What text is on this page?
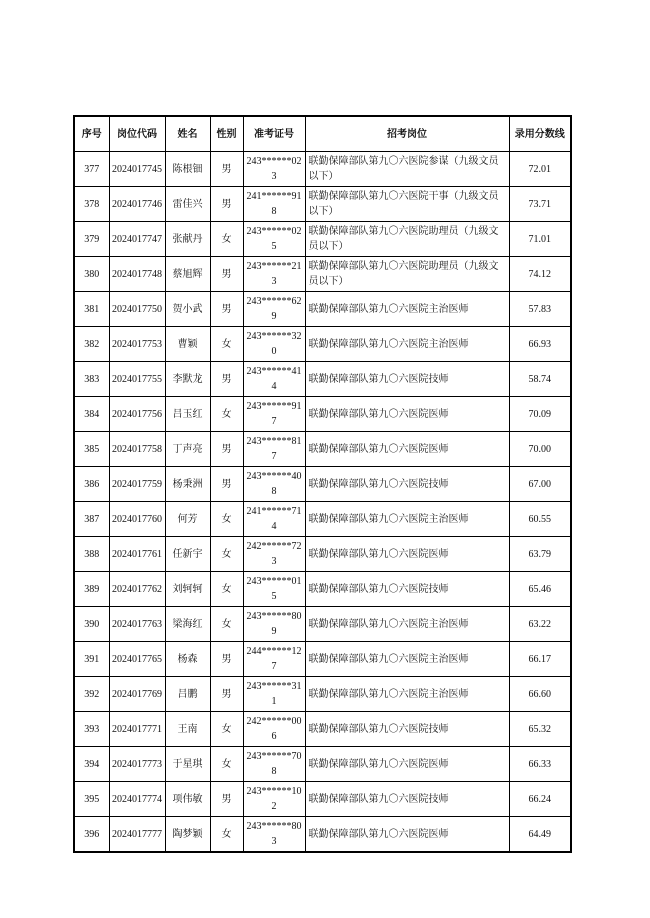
序号	岗位代码	姓名	性别	准考证号	招考岗位	录用分数线
377	2024017745	陈根钿	男	243******023	联勤保障部队第九〇六医院参谋（九级文员以下）	72.01
378	2024017746	雷佳兴	男	241******918	联勤保障部队第九〇六医院干事（九级文员以下）	73.71
379	2024017747	张献丹	女	243******025	联勤保障部队第九〇六医院助理员（九级文员以下）	71.01
380	2024017748	蔡旭辉	男	243******213	联勤保障部队第九〇六医院助理员（九级文员以下）	74.12
381	2024017750	贺小武	男	243******629	联勤保障部队第九〇六医院主治医师	57.83
382	2024017753	曹颖	女	243******320	联勤保障部队第九〇六医院主治医师	66.93
383	2024017755	李默龙	男	243******414	联勤保障部队第九〇六医院技师	58.74
384	2024017756	吕玉红	女	243******917	联勤保障部队第九〇六医院医师	70.09
385	2024017758	丁声亮	男	243******817	联勤保障部队第九〇六医院医师	70.00
386	2024017759	杨秉洲	男	243******408	联勤保障部队第九〇六医院技师	67.00
387	2024017760	何芳	女	241******714	联勤保障部队第九〇六医院主治医师	60.55
388	2024017761	任新宇	女	242******723	联勤保障部队第九〇六医院医师	63.79
389	2024017762	刘轲轲	女	243******015	联勤保障部队第九〇六医院技师	65.46
390	2024017763	梁海红	女	243******809	联勤保障部队第九〇六医院主治医师	63.22
391	2024017765	杨森	男	244******127	联勤保障部队第九〇六医院主治医师	66.17
392	2024017769	吕鹏	男	243******311	联勤保障部队第九〇六医院主治医师	66.60
393	2024017771	王南	女	242******006	联勤保障部队第九〇六医院技师	65.32
394	2024017773	于星琪	女	243******708	联勤保障部队第九〇六医院医师	66.33
395	2024017774	项伟敏	男	243******102	联勤保障部队第九〇六医院技师	66.24
396	2024017777	陶梦颖	女	243******803	联勤保障部队第九〇六医院医师	64.49
